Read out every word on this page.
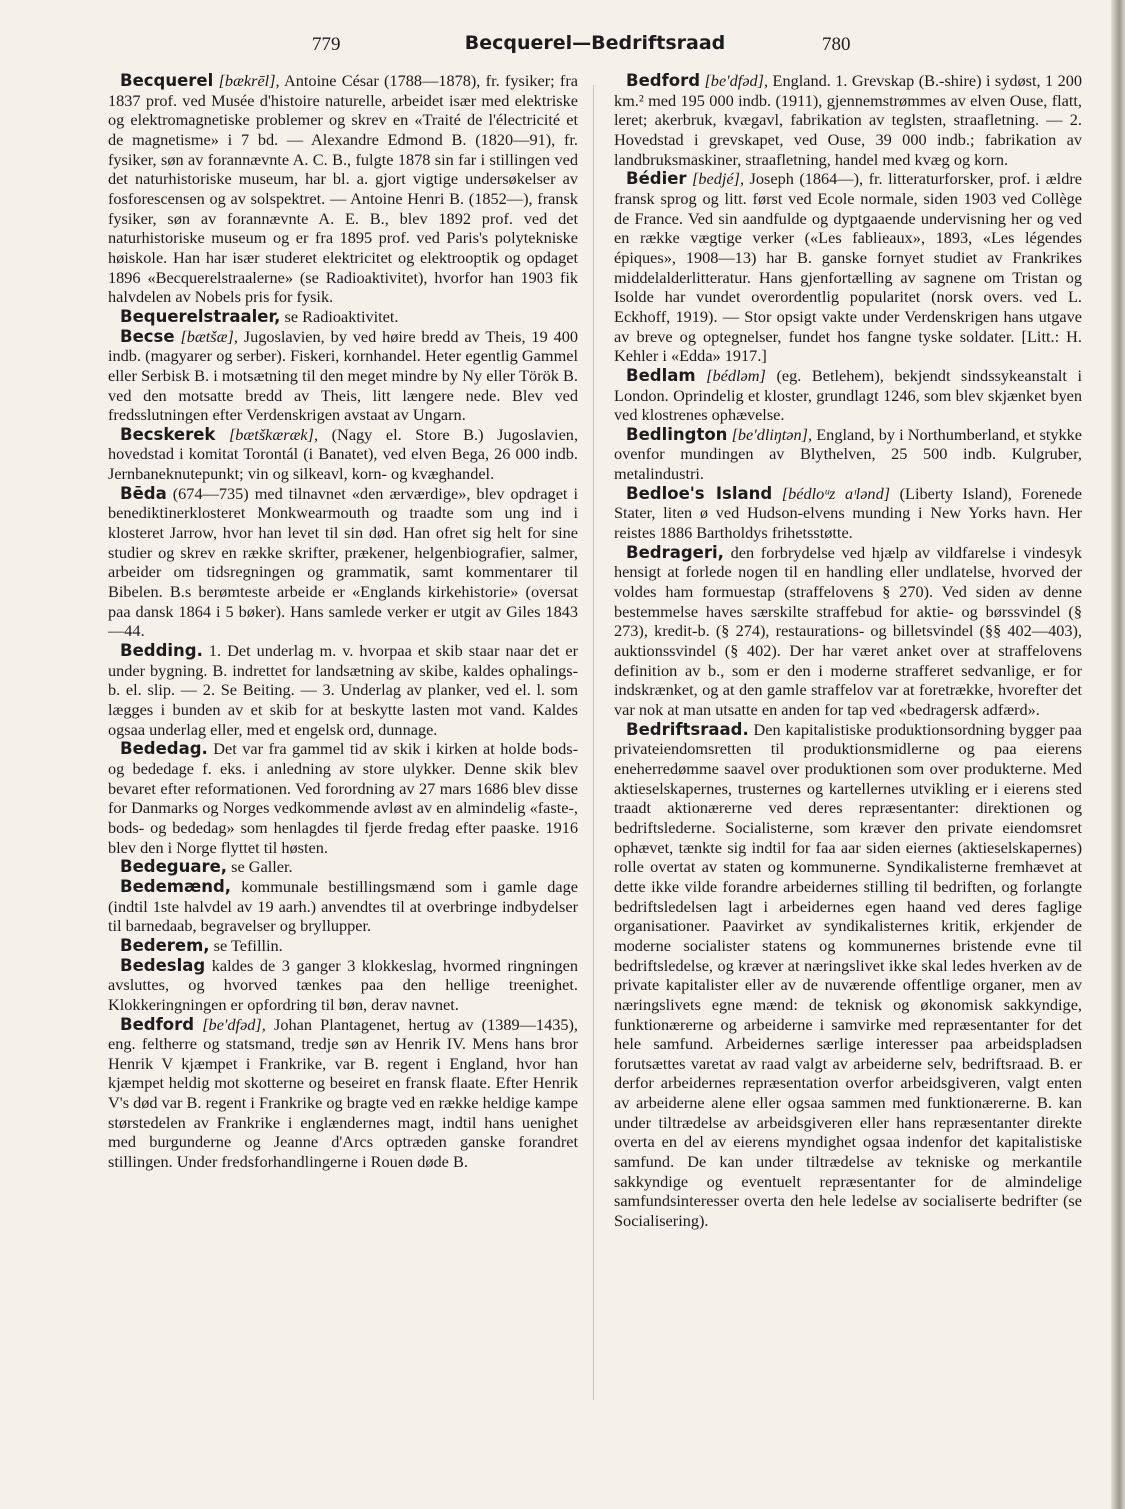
779	Becquerel—Bedriftsraad	780

Becquerel [bækrēl], Antoine César (1788—1878), fr. fysiker; fra 1837 prof. ved Musée d'histoire naturelle, arbeidet især med elektriske og elektromagnetiske problemer og skrev en «Traité de l'électricité et de magnetisme» i 7 bd. — Alexandre Edmond B. (1820—91), fr. fysiker, søn av forannævnte A. C. B., fulgte 1878 sin far i stillingen ved det naturhistoriske museum, har bl. a. gjort vigtige undersøkelser av fosforescensen og av solspektret. — Antoine Henri B. (1852—), fransk fysiker, søn av forannævnte A. E. B., blev 1892 prof. ved det naturhistoriske museum og er fra 1895 prof. ved Paris's polytekniske høiskole. Han har især studeret elektricitet og elektrooptik og opdaget 1896 «Becquerelstraalerne» (se Radioaktivitet), hvorfor han 1903 fik halvdelen av Nobels pris for fysik.

Bequerelstraaler, se Radioaktivitet.

Becse [bætšæ], Jugoslavien, by ved høire bredd av Theis, 19 400 indb. (magyarer og serber). Fiskeri, kornhandel. Heter egentlig Gammel eller Serbisk B. i motsætning til den meget mindre by Ny eller Török B. ved den motsatte bredd av Theis, litt længere nede. Blev ved fredsslutningen efter Verdenskrigen avstaat av Ungarn.

Becskerek [bætškæræk], (Nagy el. Store B.) Jugoslavien, hovedstad i komitat Torontál (i Banatet), ved elven Bega, 26 000 indb. Jernbaneknutepunkt; vin og silkeavl, korn- og kvæghandel.

Bēda (674—735) med tilnavnet «den ærværdige», blev opdraget i benediktinerklosteret Monkwearmouth og traadte som ung ind i klosteret Jarrow, hvor han levet til sin død. Han ofret sig helt for sine studier og skrev en række skrifter, prækener, helgenbiografier, salmer, arbeider om tidsregningen og grammatik, samt kommentarer til Bibelen. B.s berømteste arbeide er «Englands kirkehistorie» (oversat paa dansk 1864 i 5 bøker). Hans samlede verker er utgit av Giles 1843—44.

Bedding. 1. Det underlag m. v. hvorpaa et skib staar naar det er under bygning. B. indrettet for landsætning av skibe, kaldes ophalings-b. el. slip. — 2. Se Beiting. — 3. Underlag av planker, ved el. l. som lægges i bunden av et skib for at beskytte lasten mot vand. Kaldes ogsaa underlag eller, med et engelsk ord, dunnage.

Bededag. Det var fra gammel tid av skik i kirken at holde bods- og bededage f. eks. i anledning av store ulykker. Denne skik blev bevaret efter reformationen. Ved forordning av 27 mars 1686 blev disse for Danmarks og Norges vedkommende avløst av en almindelig «faste-, bods- og bededag» som henlagdes til fjerde fredag efter paaske. 1916 blev den i Norge flyttet til høsten.

Bedeguare, se Galler.

Bedemænd, kommunale bestillingsmænd som i gamle dage (indtil 1ste halvdel av 19 aarh.) anvendtes til at overbringe indbydelser til barnedaab, begravelser og bryllupper.

Bederem, se Tefillin.

Bedeslag kaldes de 3 ganger 3 klokkeslag, hvormed ringningen avsluttes, og hvorved tænkes paa den hellige treenighet. Klokkeringningen er opfordring til bøn, derav navnet.

Bedford [be'dfəd], Johan Plantagenet, hertug av (1389—1435), eng. feltherre og statsmand, tredje søn av Henrik IV. Mens hans bror Henrik V kjæmpet i Frankrike, var B. regent i England, hvor han kjæmpet heldig mot skotterne og beseiret en fransk flaate. Efter Henrik V's død var B. regent i Frankrike og bragte ved en række heldige kampe størstedelen av Frankrike i englændernes magt, indtil hans uenighet med burgunderne og Jeanne d'Arcs optræden ganske forandret stillingen. Under fredsforhandlingerne i Rouen døde B.

Bedford [be'dfəd], England. 1. Grevskap (B.-shire) i sydøst, 1 200 km.² med 195 000 indb. (1911), gjennemstrømmes av elven Ouse, flatt, leret; akerbruk, kvægavl, fabrikation av teglsten, straafletning. — 2. Hovedstad i grevskapet, ved Ouse, 39 000 indb.; fabrikation av landbruksmaskiner, straafletning, handel med kvæg og korn.

Bédier [bedjé], Joseph (1864—), fr. litteraturforsker, prof. i ældre fransk sprog og litt. først ved Ecole normale, siden 1903 ved Collège de France. Ved sin aandfulde og dyptgaaende undervisning her og ved en række vægtige verker («Les fablieaux», 1893, «Les légendes épiques», 1908—13) har B. ganske fornyet studiet av Frankrikes middelalderlitteratur. Hans gjenfortælling av sagnene om Tristan og Isolde har vundet overordentlig popularitet (norsk overs. ved L. Eckhoff, 1919). — Stor opsigt vakte under Verdenskrigen hans utgave av breve og optegnelser, fundet hos fangne tyske soldater. [Litt.: H. Kehler i «Edda» 1917.]

Bedlam [bédləm] (eg. Betlehem), bekjendt sindssykeanstalt i London. Oprindelig et kloster, grundlagt 1246, som blev skjænket byen ved klostrenes ophævelse.

Bedlington [be'dliŋtən], England, by i Northumberland, et stykke ovenfor mundingen av Blythelven, 25 500 indb. Kulgruber, metalindustri.

Bedloe's Island [bédloᵘz aᶦlənd] (Liberty Island), Forenede Stater, liten ø ved Hudson-elvens munding i New Yorks havn. Her reistes 1886 Bartholdys frihetsstøtte.

Bedrageri, den forbrydelse ved hjælp av vildfarelse i vindesyk hensigt at forlede nogen til en handling eller undlatelse, hvorved der voldes ham formuestap (straffelovens § 270). Ved siden av denne bestemmelse haves særskilte straffebud for aktie- og børssvindel (§ 273), kredit-b. (§ 274), restaurations- og billetsvindel (§§ 402—403), auktionssvindel (§ 402). Der har været anket over at straffelovens definition av b., som er den i moderne strafferet sedvanlige, er for indskrænket, og at den gamle straffelov var at foretrække, hvorefter det var nok at man utsatte en anden for tap ved «bedragersk adfærd».

Bedriftsraad. Den kapitalistiske produktionsordning bygger paa privateiendomsretten til produktionsmidlerne og paa eierens eneherredømme saavel over produktionen som over produkterne. Med aktieselskapernes, trusternes og kartellernes utvikling er i eierens sted traadt aktionærerne ved deres repræsentanter: direktionen og bedriftslederne. Socialisterne, som kræver den private eiendomsret ophævet, tænkte sig indtil for faa aar siden eiernes (aktieselskapernes) rolle overtat av staten og kommunerne. Syndikalisterne fremhævet at dette ikke vilde forandre arbeidernes stilling til bedriften, og forlangte bedriftsledelsen lagt i arbeidernes egen haand ved deres faglige organisationer. Paavirket av syndikalisternes kritik, erkjender de moderne socialister statens og kommunernes bristende evne til bedriftsledelse, og kræver at næringslivet ikke skal ledes hverken av de private kapitalister eller av de nuværende offentlige organer, men av næringslivets egne mænd: de teknisk og økonomisk sakkyndige, funktionærerne og arbeiderne i samvirke med repræsentanter for det hele samfund. Arbeidernes særlige interesser paa arbeidspladsen forutsættes varetat av raad valgt av arbeiderne selv, bedriftsraad. B. er derfor arbeidernes repræsentation overfor arbeidsgiveren, valgt enten av arbeiderne alene eller ogsaa sammen med funktionærerne. B. kan under tiltrædelse av arbeidsgiveren eller hans repræsentanter direkte overta en del av eierens myndighet ogsaa indenfor det kapitalistiske samfund. De kan under tiltrædelse av tekniske og merkantile sakkyndige og eventuelt repræsentanter for de almindelige samfundsinteresser overta den hele ledelse av socialiserte bedrifter (se Socialisering).
